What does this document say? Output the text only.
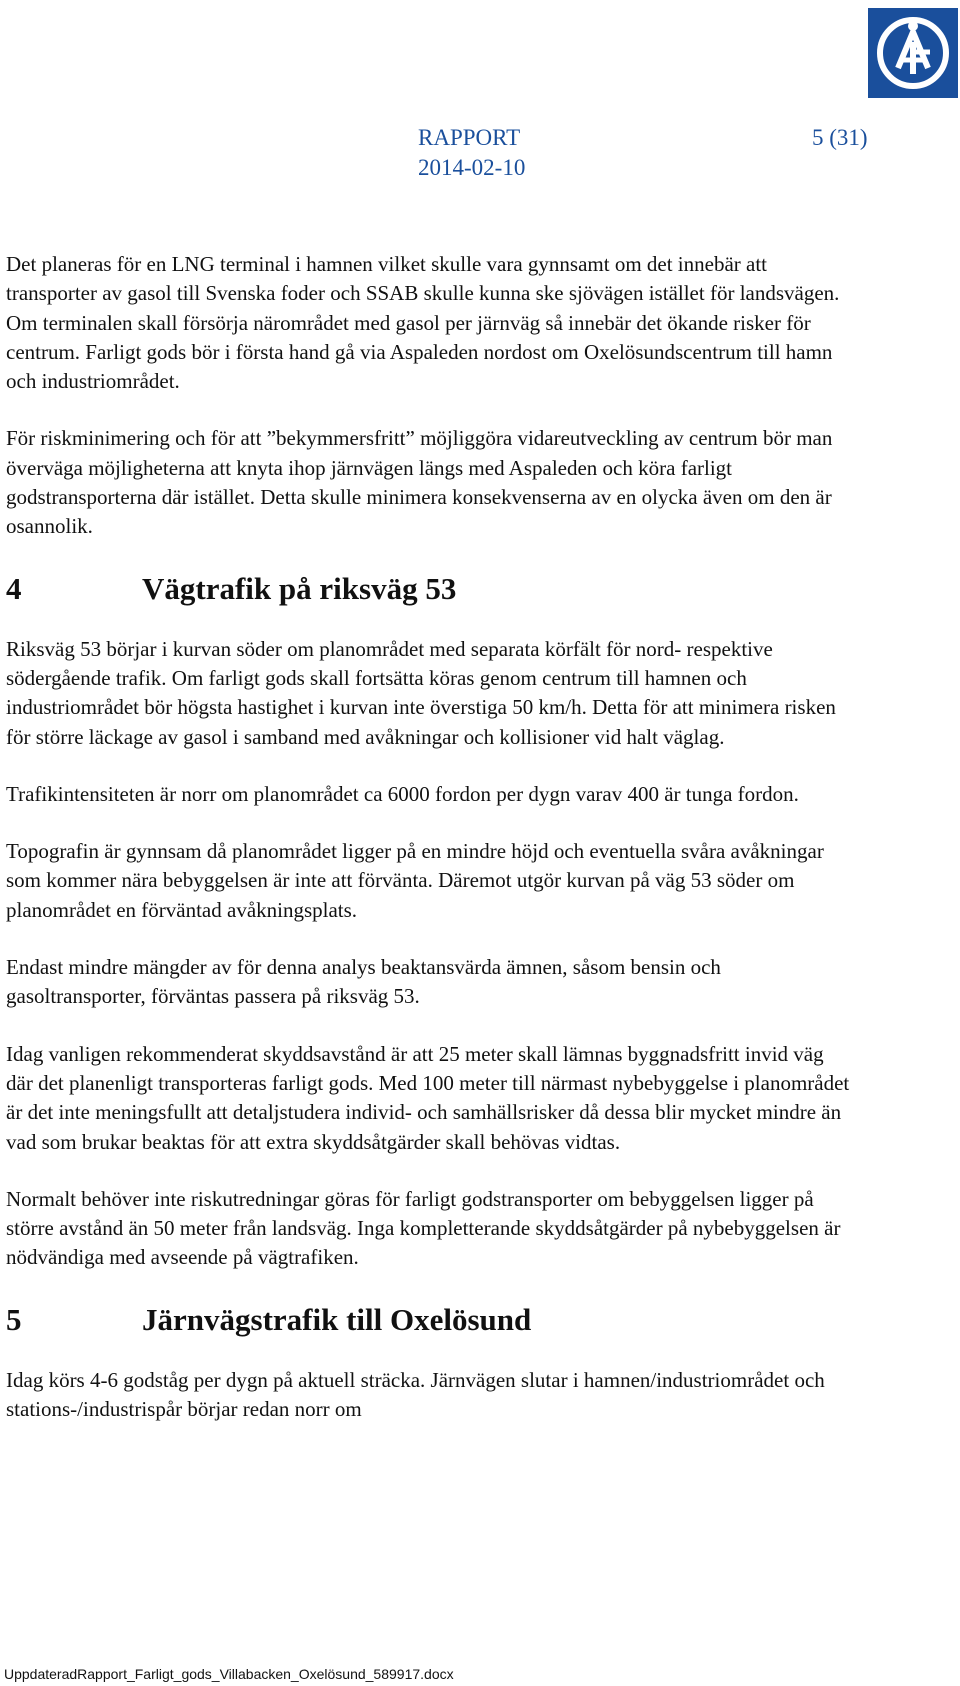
RAPPORT

2014-02-10

5 (31)

Det planeras för en LNG terminal i hamnen vilket skulle vara gynnsamt om det innebär att transporter av gasol till Svenska foder och SSAB skulle kunna ske sjövägen istället för landsvägen. Om terminalen skall försörja närområdet med gasol per järnväg så innebär det ökande risker för centrum. Farligt gods bör i första hand gå via Aspaleden nordost om Oxelösundscentrum till hamn och industriområdet.

För riskminimering och för att ”bekymmersfritt” möjliggöra vidareutveckling av centrum bör man överväga möjligheterna att knyta ihop järnvägen längs med Aspaleden och köra farligt godstransporterna där istället. Detta skulle minimera konsekvenserna av en olycka även om den är osannolik.

4	Vägtrafik på riksväg 53

Riksväg 53 börjar i kurvan söder om planområdet med separata körfält för nord- respektive södergående trafik. Om farligt gods skall fortsätta köras genom centrum till hamnen och industriområdet bör högsta hastighet i kurvan inte överstiga 50 km/h. Detta för att minimera risken för större läckage av gasol i samband med avåkningar och kollisioner vid halt väglag.

Trafikintensiteten är norr om planområdet ca 6000 fordon per dygn varav 400 är tunga fordon.

Topografin är gynnsam då planområdet ligger på en mindre höjd och eventuella svåra avåkningar som kommer nära bebyggelsen är inte att förvänta. Däremot utgör kurvan på väg 53 söder om planområdet en förväntad avåkningsplats.

Endast mindre mängder av för denna analys beaktansvärda ämnen, såsom bensin och gasoltransporter, förväntas passera på riksväg 53.

Idag vanligen rekommenderat skyddsavstånd är att 25 meter skall lämnas byggnadsfritt invid väg där det planenligt transporteras farligt gods. Med 100 meter till närmast nybebyggelse i planområdet är det inte meningsfullt att detaljstudera individ- och samhällsrisker då dessa blir mycket mindre än vad som brukar beaktas för att extra skyddsåtgärder skall behövas vidtas.

Normalt behöver inte riskutredningar göras för farligt godstransporter om bebyggelsen ligger på större avstånd än 50 meter från landsväg. Inga kompletterande skyddsåtgärder på nybebyggelsen är nödvändiga med avseende på vägtrafiken.

5	Järnvägstrafik till Oxelösund

Idag körs 4-6 godståg per dygn på aktuell sträcka. Järnvägen slutar i hamnen/industriområdet och stations-/industrispår börjar redan norr om

UppdateradRapport_Farligt_gods_Villabacken_Oxelösund_589917.docx
